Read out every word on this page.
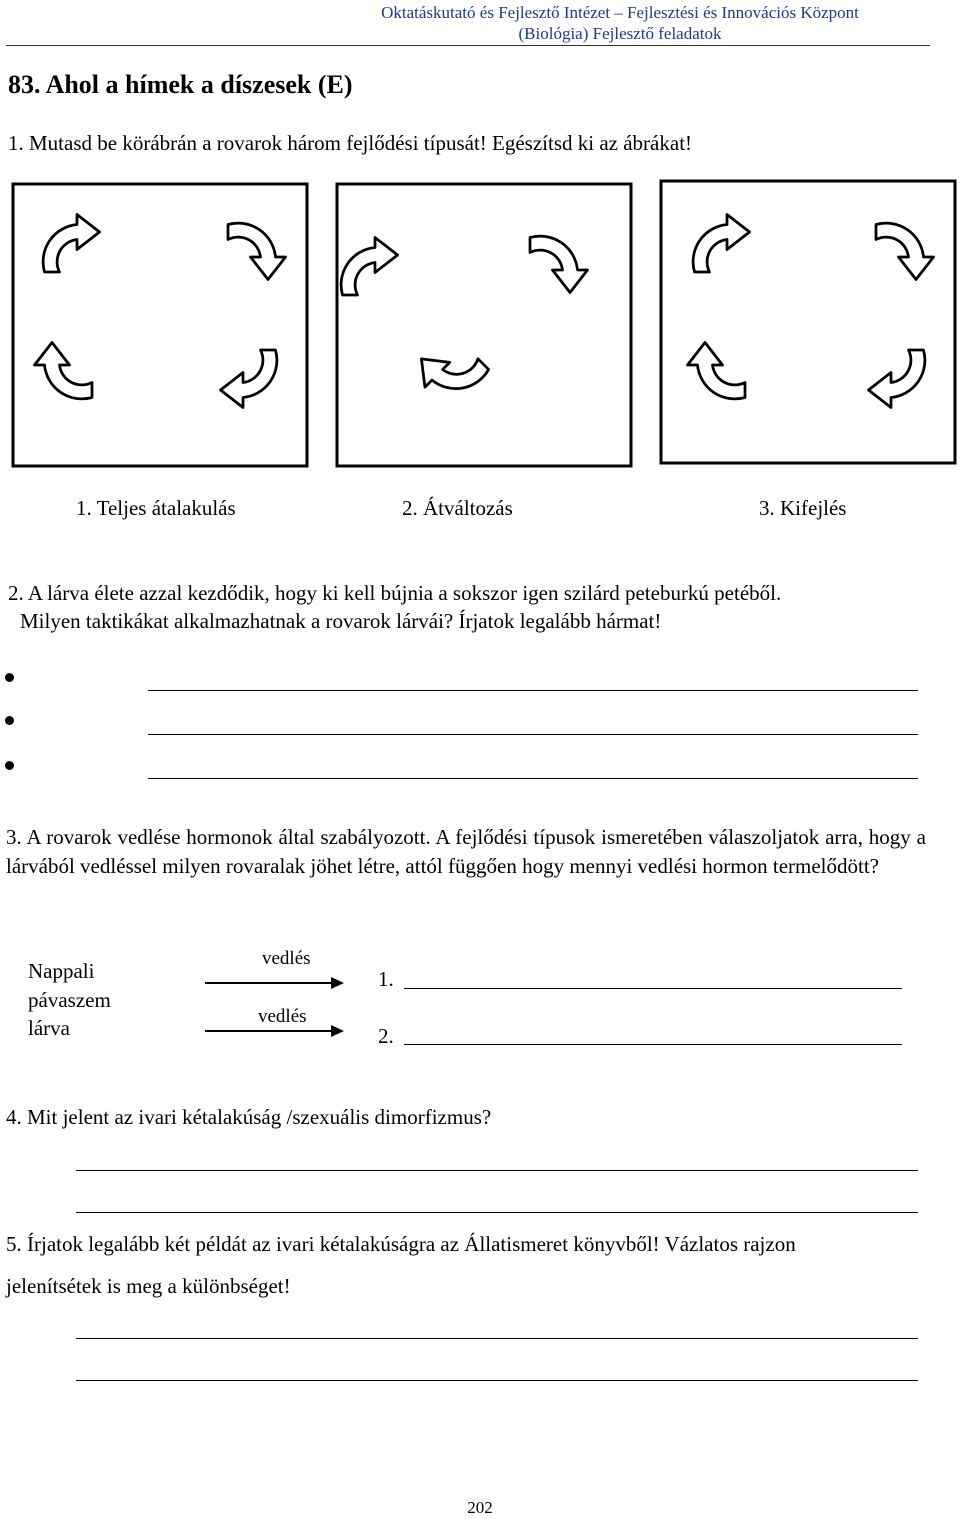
Oktatáskutató és Fejlesztő Intézet – Fejlesztési és Innovációs Központ
(Biológia) Fejlesztő feladatok
83. Ahol a hímek a díszesek (E)
1. Mutasd be körábrán a rovarok három fejlődési típusát! Egészítsd ki az ábrákat!
1. Teljes átalakulás	2. Átváltozás	3. Kifejlés
2. A lárva élete azzal kezdődik, hogy ki kell bújnia a sokszor igen szilárd peteburkú petéből.
Milyen taktikákat alkalmazhatnak a rovarok lárvái? Írjatok legalább hármat!
3. A rovarok vedlése hormonok által szabályozott. A fejlődési típusok ismeretében válaszoljatok arra, hogy a lárvából vedléssel milyen rovaralak jöhet létre, attól függően hogy mennyi vedlési hormon termelődött?
Nappali
pávaszem
lárva
vedlés
vedlés
1.
2.
4. Mit jelent az ivari kétalakúság /szexuális dimorfizmus?
5. Írjatok legalább két példát az ivari kétalakúságra az Állatismeret könyvből! Vázlatos rajzon
jelenítsétek is meg a különbséget!
202
